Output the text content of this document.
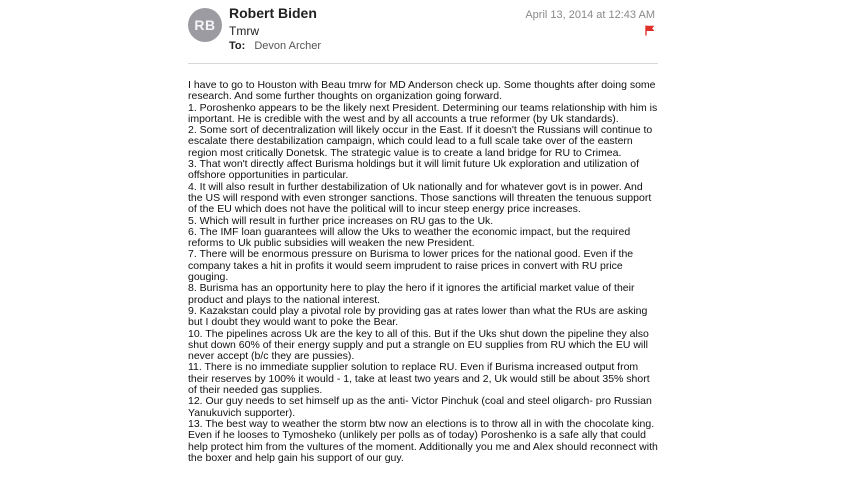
RB
Robert Biden
Tmrw
To: Devon Archer
April 13, 2014 at 12:43 AM

I have to go to Houston with Beau tmrw for MD Anderson check up. Some thoughts after doing some research. And some further thoughts on organization going forward.

1. Poroshenko appears to be the likely next President. Determining our teams relationship with him is important. He is credible with the west and by all accounts a true reformer (by Uk standards).

2. Some sort of decentralization will likely occur in the East. If it doesn't the Russians will continue to escalate there destabilization campaign, which could lead to a full scale take over of the eastern region most critically Donetsk. The strategic value is to create a land bridge for RU to Crimea.

3. That won't directly affect Burisma holdings but it will limit future Uk exploration and utilization of offshore opportunities in particular.

4. It will also result in further destabilization of Uk nationally and for whatever govt is in power. And the US will respond with even stronger sanctions. Those sanctions will threaten the tenuous support of the EU which does not have the political will to incur steep energy price increases.

5. Which will result in further price increases on RU gas to the Uk.

6. The IMF loan guarantees will allow the Uks to weather the economic impact, but the required reforms to Uk public subsidies will weaken the new President.

7. There will be enormous pressure on Burisma to lower prices for the national good. Even if the company takes a hit in profits it would seem imprudent to raise prices in convert with RU price gouging.

8. Burisma has an opportunity here to play the hero if it ignores the artificial market value of their product and plays to the national interest.

9. Kazakstan could play a pivotal role by providing gas at rates lower than what the RUs are asking but I doubt they would want to poke the Bear.

10. The pipelines across Uk are the key to all of this. But if the Uks shut down the pipeline they also shut down 60% of their energy supply and put a strangle on EU supplies from RU which the EU will never accept (b/c they are pussies).

11. There is no immediate supplier solution to replace RU. Even if Burisma increased output from their reserves by 100% it would - 1, take at least two years and 2, Uk would still be about 35% short of their needed gas supplies.

12. Our guy needs to set himself up as the anti- Victor Pinchuk (coal and steel oligarch- pro Russian Yanukuvich supporter).

13. The best way to weather the storm btw now an elections is to throw all in with the chocolate king. Even if he looses to Tymosheko (unlikely per polls as of today) Poroshenko is a safe ally that could help protect him from the vultures of the moment. Additionally you me and Alex should reconnect with the boxer and help gain his support of our guy.
